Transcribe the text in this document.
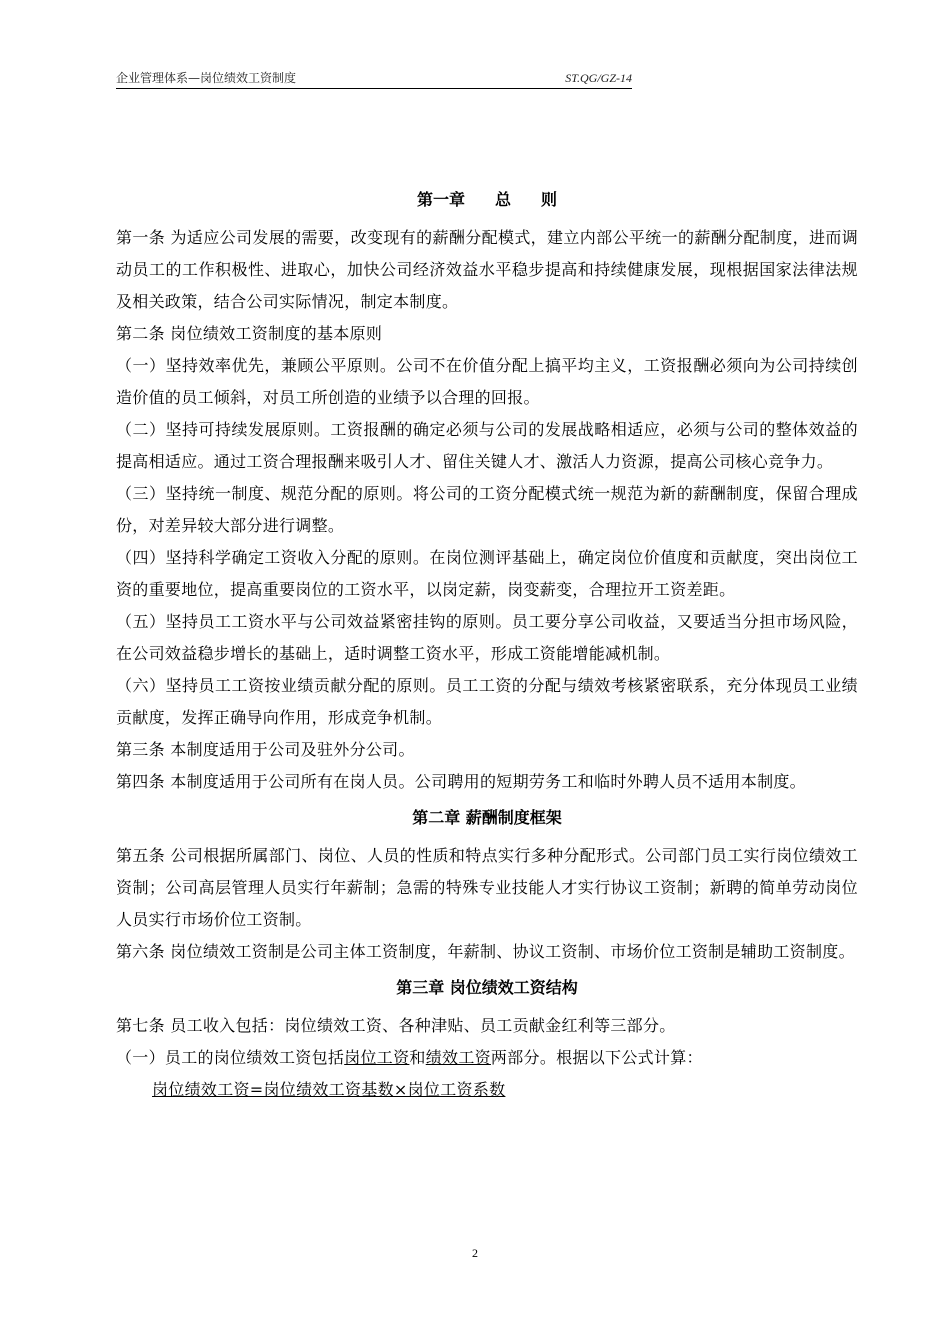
企业管理体系—岗位绩效工资制度	ST.QG/GZ-14
第一章 总 则

第一条 为适应公司发展的需要，改变现有的薪酬分配模式，建立内部公平统一的薪酬分配制度，进而调动员工的工作积极性、进取心，加快公司经济效益水平稳步提高和持续健康发展，现根据国家法律法规及相关政策，结合公司实际情况，制定本制度。

第二条 岗位绩效工资制度的基本原则

（一）坚持效率优先，兼顾公平原则。公司不在价值分配上搞平均主义，工资报酬必须向为公司持续创造价值的员工倾斜，对员工所创造的业绩予以合理的回报。

（二）坚持可持续发展原则。工资报酬的确定必须与公司的发展战略相适应，必须与公司的整体效益的提高相适应。通过工资合理报酬来吸引人才、留住关键人才、激活人力资源，提高公司核心竞争力。

（三）坚持统一制度、规范分配的原则。将公司的工资分配模式统一规范为新的薪酬制度，保留合理成份，对差异较大部分进行调整。

（四）坚持科学确定工资收入分配的原则。在岗位测评基础上，确定岗位价值度和贡献度，突出岗位工资的重要地位，提高重要岗位的工资水平，以岗定薪，岗变薪变，合理拉开工资差距。

（五）坚持员工工资水平与公司效益紧密挂钩的原则。员工要分享公司收益，又要适当分担市场风险，在公司效益稳步增长的基础上，适时调整工资水平，形成工资能增能减机制。

（六）坚持员工工资按业绩贡献分配的原则。员工工资的分配与绩效考核紧密联系，充分体现员工业绩贡献度，发挥正确导向作用，形成竞争机制。

第三条 本制度适用于公司及驻外分公司。

第四条 本制度适用于公司所有在岗人员。公司聘用的短期劳务工和临时外聘人员不适用本制度。

第二章 薪酬制度框架

第五条 公司根据所属部门、岗位、人员的性质和特点实行多种分配形式。公司部门员工实行岗位绩效工资制；公司高层管理人员实行年薪制；急需的特殊专业技能人才实行协议工资制；新聘的简单劳动岗位人员实行市场价位工资制。

第六条 岗位绩效工资制是公司主体工资制度，年薪制、协议工资制、市场价位工资制是辅助工资制度。

第三章 岗位绩效工资结构

第七条 员工收入包括：岗位绩效工资、各种津贴、员工贡献金红利等三部分。

（一）员工的岗位绩效工资包括岗位工资和绩效工资两部分。根据以下公式计算：

岗位绩效工资=岗位绩效工资基数×岗位工资系数

2
